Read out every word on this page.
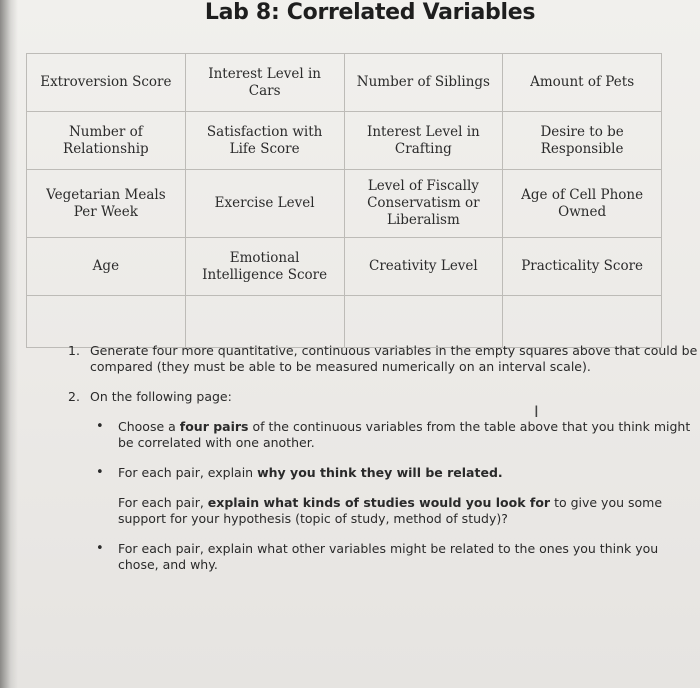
Lab 8: Correlated Variables
Extroversion Score	Interest Level in Cars	Number of Siblings	Amount of Pets
Number of Relationship	Satisfaction with Life Score	Interest Level in Crafting	Desire to be Responsible
Vegetarian Meals Per Week	Exercise Level	Level of Fiscally Conservatism or Liberalism	Age of Cell Phone Owned
Age	Emotional Intelligence Score	Creativity Level	Practicality Score

1. Generate four more quantitative, continuous variables in the empty squares above that could be compared (they must be able to be measured numerically on an interval scale).
2. On the following page:
• Choose a four pairs of the continuous variables from the table above that you think might be correlated with one another.
• For each pair, explain why you think they will be related.
For each pair, explain what kinds of studies would you look for to give you some support for your hypothesis (topic of study, method of study)?
• For each pair, explain what other variables might be related to the ones you think you chose, and why.
I
